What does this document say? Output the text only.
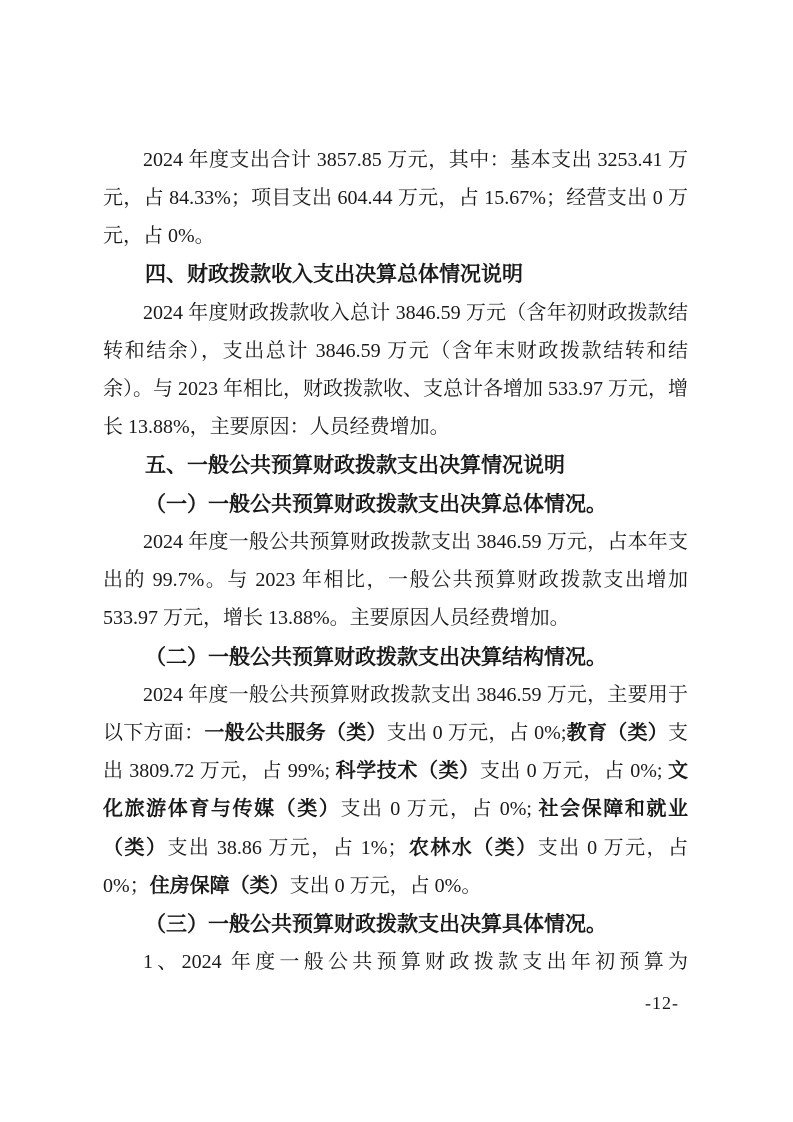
2024 年度支出合计 3857.85 万元，其中：基本支出 3253.41 万元，占 84.33%；项目支出 604.44 万元，占 15.67%；经营支出 0 万元，占 0%。

四、财政拨款收入支出决算总体情况说明

2024 年度财政拨款收入总计 3846.59 万元（含年初财政拨款结转和结余），支出总计 3846.59 万元（含年末财政拨款结转和结余）。与 2023 年相比，财政拨款收、支总计各增加 533.97 万元，增长 13.88%，主要原因：人员经费增加。

五、一般公共预算财政拨款支出决算情况说明
（一）一般公共预算财政拨款支出决算总体情况。

2024 年度一般公共预算财政拨款支出 3846.59 万元，占本年支出的 99.7%。与 2023 年相比，一般公共预算财政拨款支出增加 533.97 万元，增长 13.88%。主要原因人员经费增加。

（二）一般公共预算财政拨款支出决算结构情况。

2024 年度一般公共预算财政拨款支出 3846.59 万元，主要用于以下方面：一般公共服务（类）支出 0 万元，占 0%;教育（类）支出 3809.72 万元，占 99%; 科学技术（类）支出 0 万元，占 0%; 文化旅游体育与传媒（类）支出 0 万元，占 0%; 社会保障和就业（类）支出 38.86 万元，占 1%；农林水（类）支出 0 万元，占 0%；住房保障（类）支出 0 万元，占 0%。

（三）一般公共预算财政拨款支出决算具体情况。

1、2024 年度一般公共预算财政拨款支出年初预算为

-12-
